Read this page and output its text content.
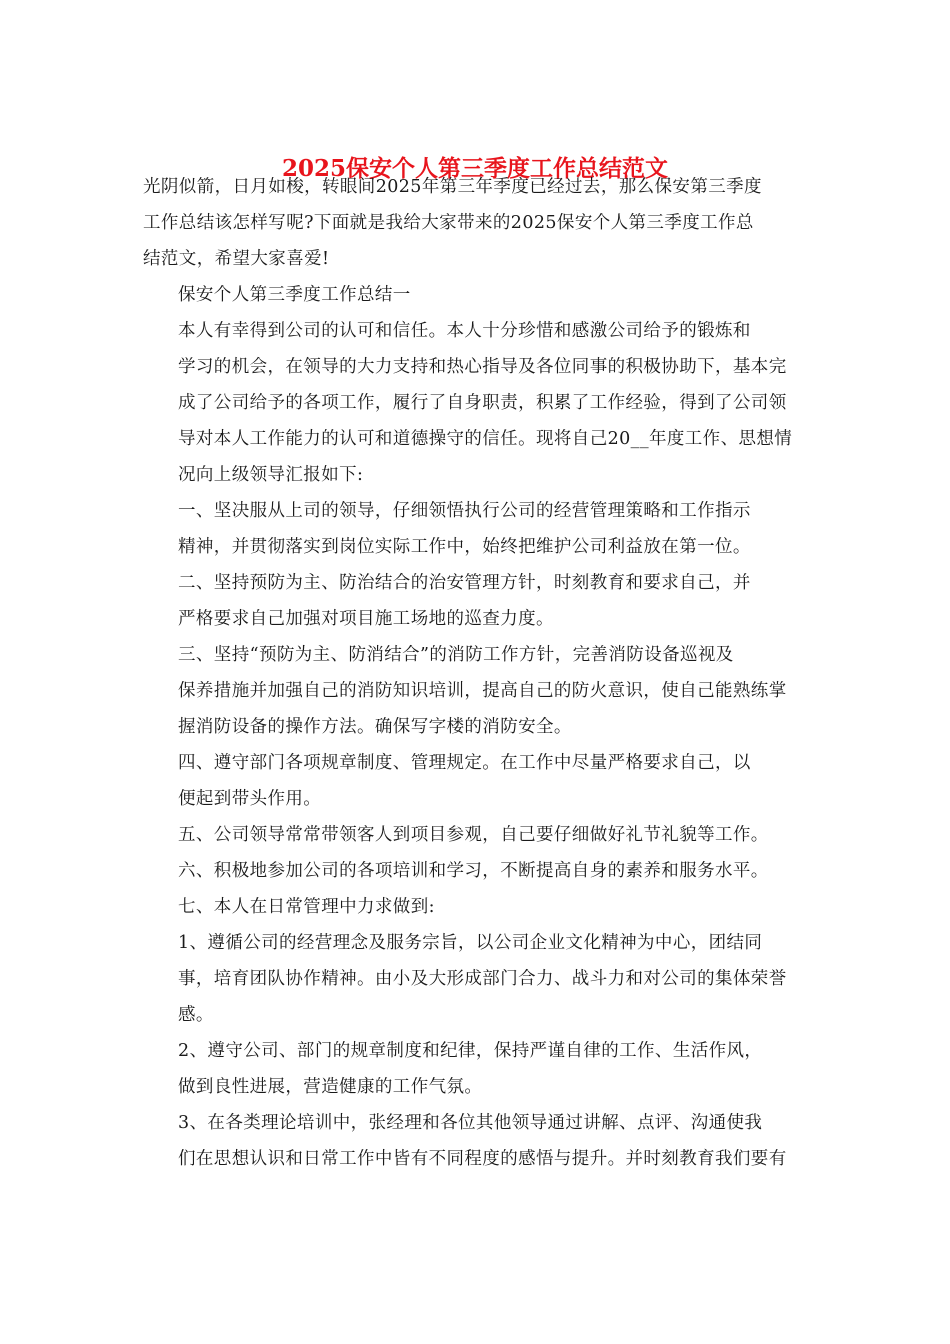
2025保安个人第三季度工作总结范文

光阴似箭，日月如梭，转眼间2025年第三年季度已经过去，那么保安第三季度
工作总结该怎样写呢?下面就是我给大家带来的2025保安个人第三季度工作总
结范文，希望大家喜爱!

保安个人第三季度工作总结一

本人有幸得到公司的认可和信任。本人十分珍惜和感激公司给予的锻炼和
学习的机会，在领导的大力支持和热心指导及各位同事的积极协助下，基本完
成了公司给予的各项工作，履行了自身职责，积累了工作经验，得到了公司领
导对本人工作能力的认可和道德操守的信任。现将自己20__年度工作、思想情
况向上级领导汇报如下:

一、坚决服从上司的领导，仔细领悟执行公司的经营管理策略和工作指示
精神，并贯彻落实到岗位实际工作中，始终把维护公司利益放在第一位。

二、坚持预防为主、防治结合的治安管理方针，时刻教育和要求自己，并
严格要求自己加强对项目施工场地的巡查力度。

三、坚持“预防为主、防消结合”的消防工作方针，完善消防设备巡视及
保养措施并加强自己的消防知识培训，提高自己的防火意识，使自己能熟练掌
握消防设备的操作方法。确保写字楼的消防安全。

四、遵守部门各项规章制度、管理规定。在工作中尽量严格要求自己，以
便起到带头作用。

五、公司领导常常带领客人到项目参观，自己要仔细做好礼节礼貌等工作。

六、积极地参加公司的各项培训和学习，不断提高自身的素养和服务水平。

七、本人在日常管理中力求做到:

1、遵循公司的经营理念及服务宗旨，以公司企业文化精神为中心，团结同
事，培育团队协作精神。由小及大形成部门合力、战斗力和对公司的集体荣誉
感。

2、遵守公司、部门的规章制度和纪律，保持严谨自律的工作、生活作风，
做到良性进展，营造健康的工作气氛。

3、在各类理论培训中，张经理和各位其他领导通过讲解、点评、沟通使我
们在思想认识和日常工作中皆有不同程度的感悟与提升。并时刻教育我们要有
